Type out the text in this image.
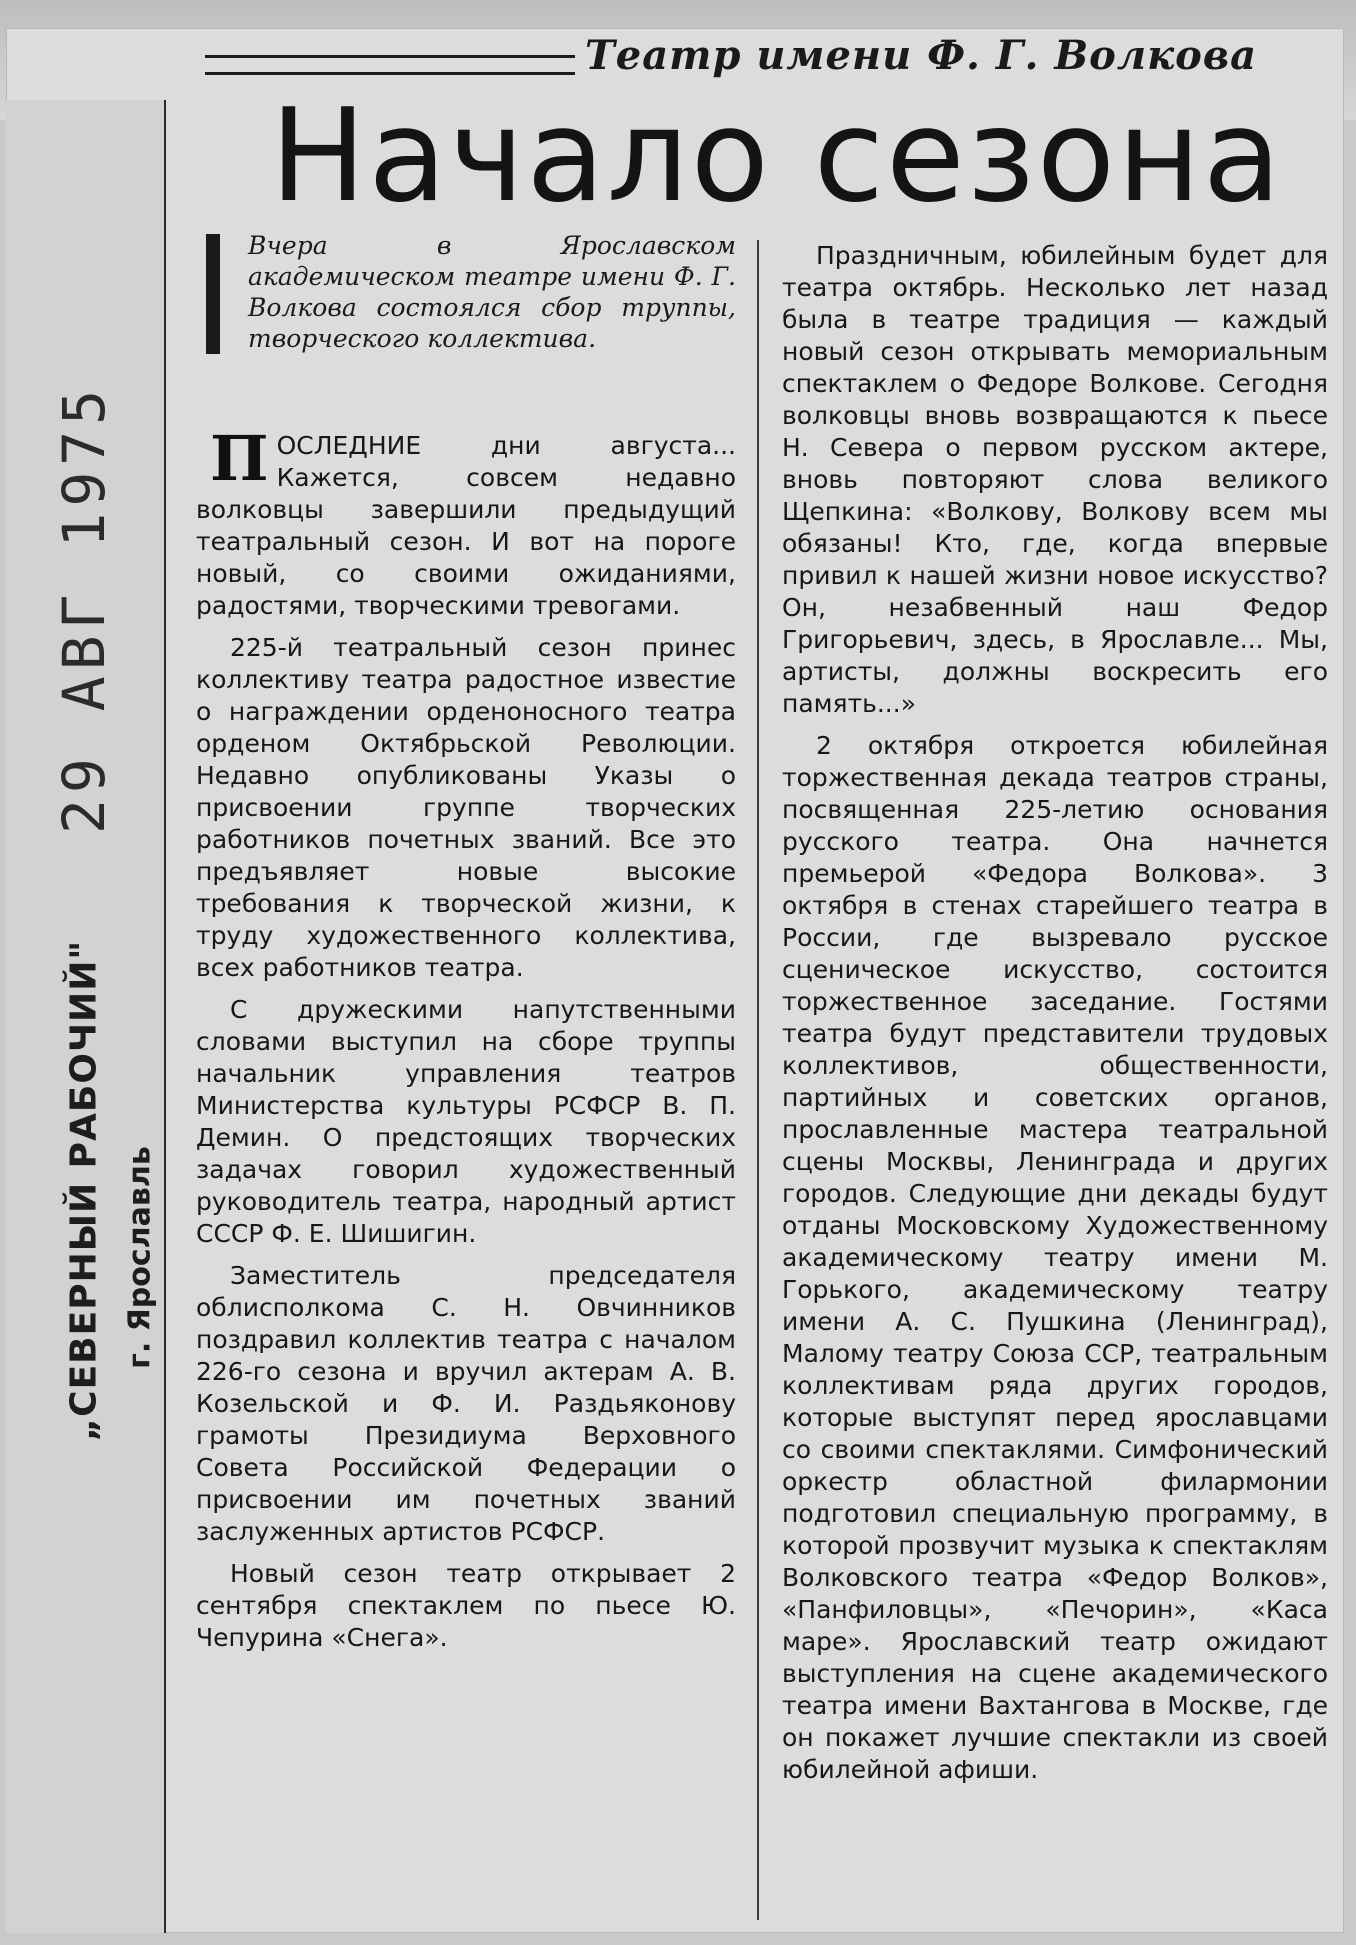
29 АВГ 1975
„СЕВЕРНЫЙ РАБОЧИЙ" г. Ярославль
Театр имени Ф. Г. Волкова
Начало сезона
Вчера в Ярославском академическом театре имени Ф. Г. Волкова состоялся сбор труппы, творческого коллектива.

ПОСЛЕДНИЕ дни августа... Кажется, совсем недавно волковцы завершили предыдущий театральный сезон. И вот на пороге новый, со своими ожиданиями, радостями, творческими тревогами.

225-й театральный сезон принес коллективу театра радостное известие о награждении орденоносного театра орденом Октябрьской Революции. Недавно опубликованы Указы о присвоении группе творческих работников почетных званий. Все это предъявляет новые высокие требования к творческой жизни, к труду художественного коллектива, всех работников театра.

С дружескими напутственными словами выступил на сборе труппы начальник управления театров Министерства культуры РСФСР В. П. Демин. О предстоящих творческих задачах говорил художественный руководитель театра, народный артист СССР Ф. Е. Шишигин.

Заместитель председателя облисполкома С. Н. Овчинников поздравил коллектив театра с началом 226-го сезона и вручил актерам А. В. Козельской и Ф. И. Раздьяконову грамоты Президиума Верховного Совета Российской Федерации о присвоении им почетных званий заслуженных артистов РСФСР.

Новый сезон театр открывает 2 сентября спектаклем по пьесе Ю. Чепурина «Снега».

Праздничным, юбилейным будет для театра октябрь. Несколько лет назад была в театре традиция — каждый новый сезон открывать мемориальным спектаклем о Федоре Волкове. Сегодня волковцы вновь возвращаются к пьесе Н. Севера о первом русском актере, вновь повторяют слова великого Щепкина: «Волкову, Волкову всем мы обязаны! Кто, где, когда впервые привил к нашей жизни новое искусство? Он, незабвенный наш Федор Григорьевич, здесь, в Ярославле... Мы, артисты, должны воскресить его память...»

2 октября откроется юбилейная торжественная декада театров страны, посвященная 225-летию основания русского театра. Она начнется премьерой «Федора Волкова». 3 октября в стенах старейшего театра в России, где вызревало русское сценическое искусство, состоится торжественное заседание. Гостями театра будут представители трудовых коллективов, общественности, партийных и советских органов, прославленные мастера театральной сцены Москвы, Ленинграда и других городов. Следующие дни декады будут отданы Московскому Художественному академическому театру имени М. Горького, академическому театру имени А. С. Пушкина (Ленинград), Малому театру Союза ССР, театральным коллективам ряда других городов, которые выступят перед ярославцами со своими спектаклями. Симфонический оркестр областной филармонии подготовил специальную программу, в которой прозвучит музыка к спектаклям Волковского театра «Федор Волков», «Панфиловцы», «Печорин», «Каса маре». Ярославский театр ожидают выступления на сцене академического театра имени Вахтангова в Москве, где он покажет лучшие спектакли из своей юбилейной афиши.
